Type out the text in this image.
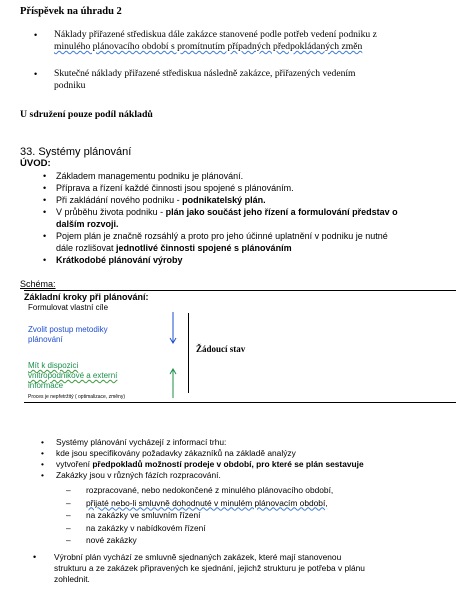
Příspěvek na úhradu 2
• Náklady přiřazené střediskua dále zakázce stanovené podle potřeb vedení podniku z
minulého plánovacího období s promítnutím případných předpokládaných změn
• Skutečné náklady přiřazené střediskua následně zakázce, přiřazených vedením
podniku
U sdružení pouze podíl nákladů
33. Systémy plánování
ÚVOD:
• Základem managementu podniku je plánování.
• Příprava a řízení každé činnosti jsou spojené s plánováním.
• Při zakládání nového podniku - podnikatelský plán.
• V průběhu života podniku - plán jako součást jeho řízení a formulování představ o
dalším rozvoji.
• Pojem plán je značně rozsáhlý a proto pro jeho účinné uplatnění v podniku je nutné
dále rozlišovat jednotlivé činnosti spojené s plánováním
• Krátkodobé plánování výroby
Schéma:
Základní kroky při plánování:
Formulovat vlastní cíle
Zvolit postup metodiky
plánování
Mít k dispozici
vnitropodnikové a externí
informace
Proces je nepřetržitý ( optimalizace, změny)
Žádoucí stav
• Systémy plánování vycházejí z informací trhu:
• kde jsou specifikovány požadavky zákazníků na základě analýzy
• vytvoření předpokladů možností prodeje v období, pro které se plán sestavuje
• Zakázky jsou v různých fázích rozpracování.
– rozpracované, nebo nedokončené z minulého plánovacího období,
– přijaté nebo-li smluvně dohodnuté v minulém plánovacím období,
– na zakázky ve smluvním řízení
– na zakázky v nabídkovém řízení
– nové zakázky
• Výrobní plán vychází ze smluvně sjednaných zakázek, které mají stanovenou
strukturu a ze zakázek připravených ke sjednání, jejichž strukturu je potřeba v plánu
zohlednit.
